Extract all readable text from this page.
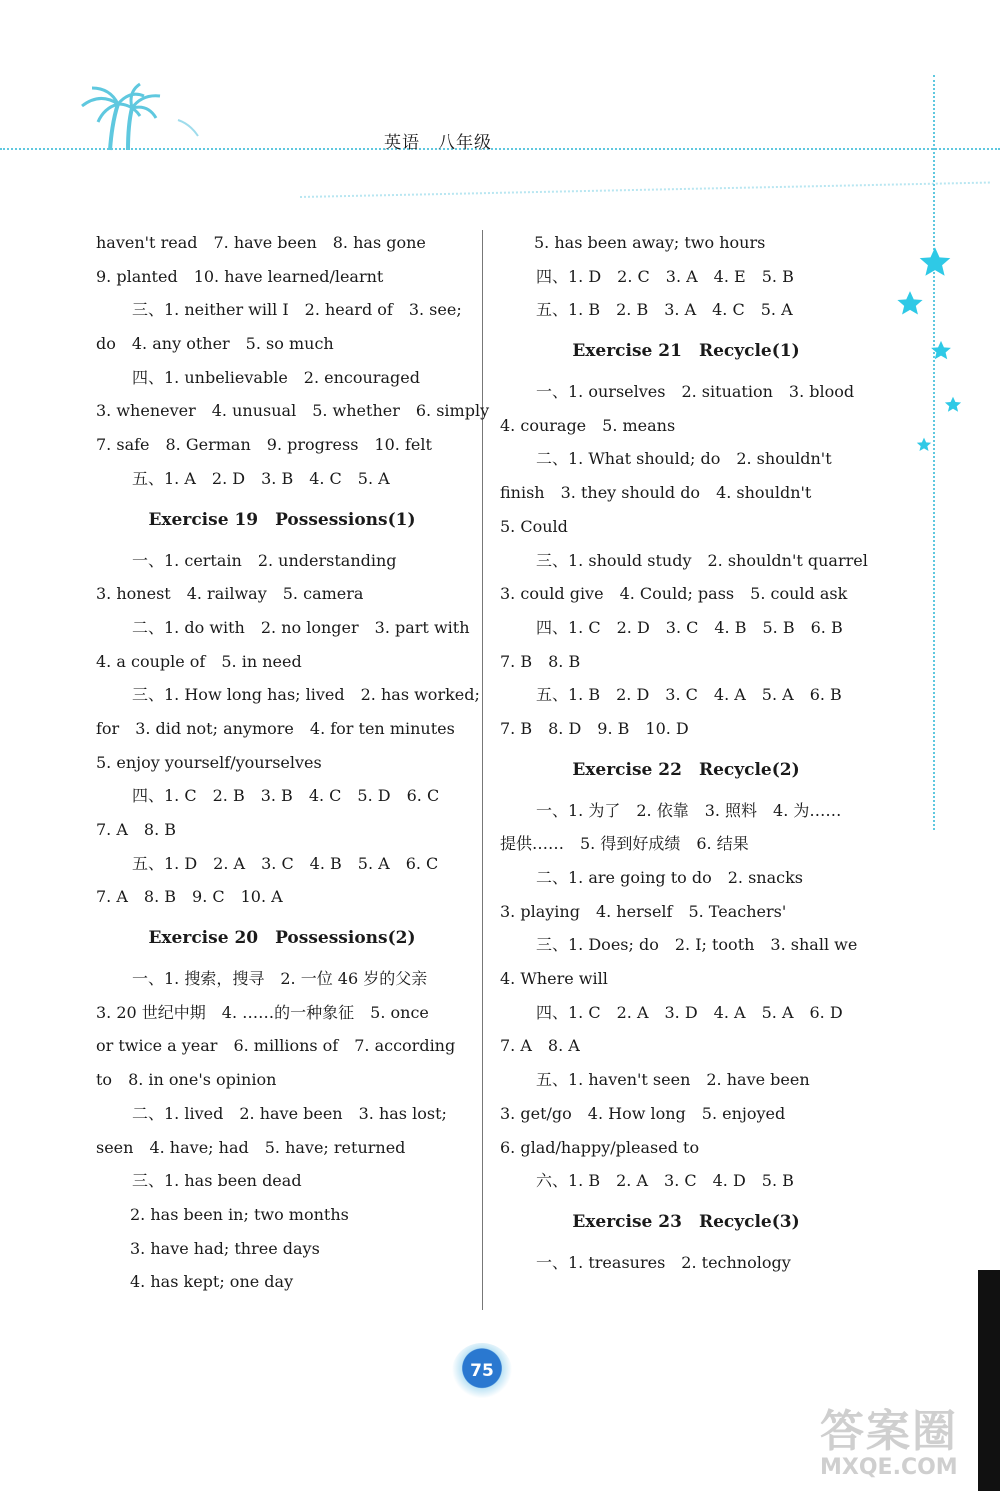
英语　八年级
haven't read　7. have been　8. has gone
9. planted　10. have learned/learnt
三、1. neither will I　2. heard of　3. see;
do　4. any other　5. so much
四、1. unbelievable　2. encouraged
3. whenever　4. unusual　5. whether　6. simply
7. safe　8. German　9. progress　10. felt
五、1. A　2. D　3. B　4. C　5. A
Exercise 19　Possessions(1)
一、1. certain　2. understanding
3. honest　4. railway　5. camera
二、1. do with　2. no longer　3. part with
4. a couple of　5. in need
三、1. How long has; lived　2. has worked;
for　3. did not; anymore　4. for ten minutes
5. enjoy yourself/yourselves
四、1. C　2. B　3. B　4. C　5. D　6. C
7. A　8. B
五、1. D　2. A　3. C　4. B　5. A　6. C
7. A　8. B　9. C　10. A
Exercise 20　Possessions(2)
一、1. 搜索，搜寻　2. 一位 46 岁的父亲
3. 20 世纪中期　4. ……的一种象征　5. once
or twice a year　6. millions of　7. according
to　8. in one's opinion
二、1. lived　2. have been　3. has lost;
seen　4. have; had　5. have; returned
三、1. has been dead
2. has been in; two months
3. have had; three days
4. has kept; one day
5. has been away; two hours
四、1. D　2. C　3. A　4. E　5. B
五、1. B　2. B　3. A　4. C　5. A
Exercise 21　Recycle(1)
一、1. ourselves　2. situation　3. blood
4. courage　5. means
二、1. What should; do　2. shouldn't
finish　3. they should do　4. shouldn't
5. Could
三、1. should study　2. shouldn't quarrel
3. could give　4. Could; pass　5. could ask
四、1. C　2. D　3. C　4. B　5. B　6. B
7. B　8. B
五、1. B　2. D　3. C　4. A　5. A　6. B
7. B　8. D　9. B　10. D
Exercise 22　Recycle(2)
一、1. 为了　2. 依靠　3. 照料　4. 为……
提供……　5. 得到好成绩　6. 结果
二、1. are going to do　2. snacks
3. playing　4. herself　5. Teachers'
三、1. Does; do　2. I; tooth　3. shall we
4. Where will
四、1. C　2. A　3. D　4. A　5. A　6. D
7. A　8. A
五、1. haven't seen　2. have been
3. get/go　4. How long　5. enjoyed
6. glad/happy/pleased to
六、1. B　2. A　3. C　4. D　5. B
Exercise 23　Recycle(3)
一、1. treasures　2. technology
75
答案圈
MXQE.COM
